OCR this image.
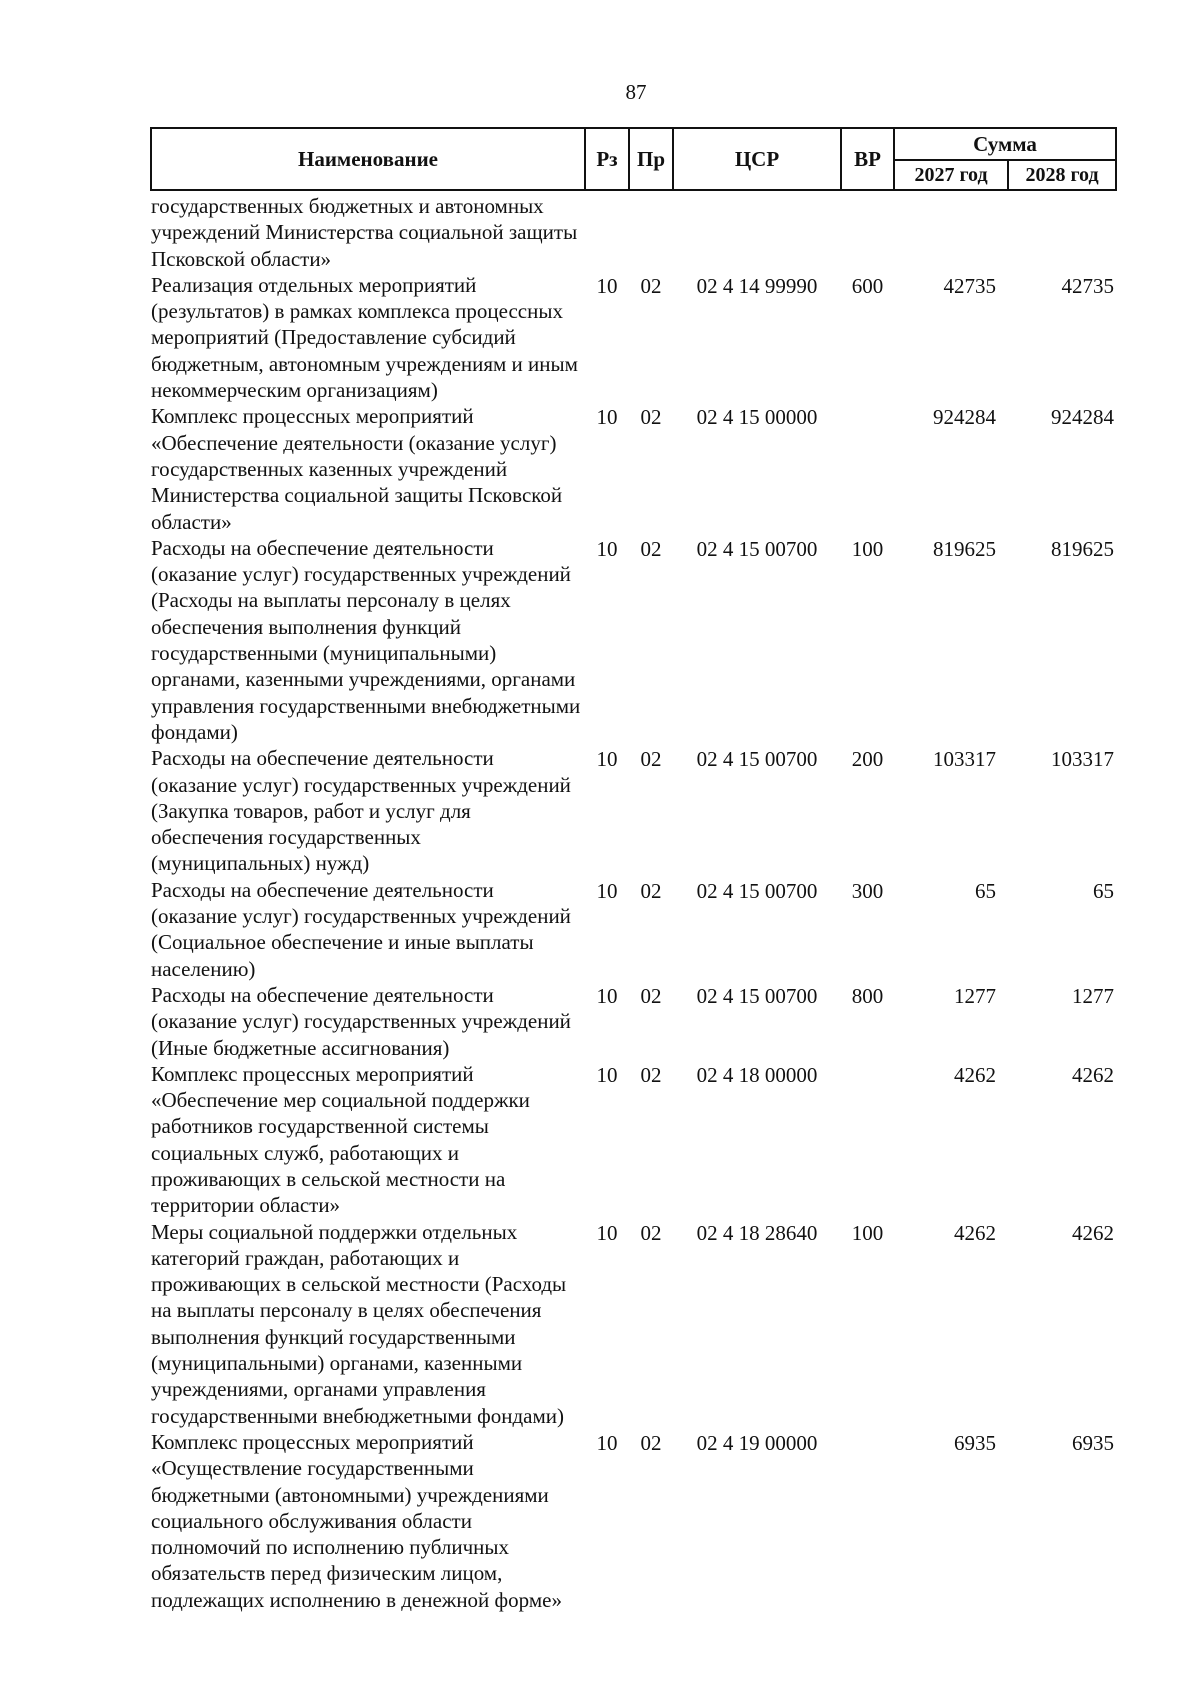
87
Наименование	Рз	Пр	ЦСР	ВР	Сумма	
					2027 год	2028 год
государственных бюджетных и автономных учреждений Министерства социальной защиты Псковской области»						
Реализация отдельных мероприятий (результатов) в рамках комплекса процессных мероприятий (Предоставление субсидий бюджетным, автономным учреждениям и иным некоммерческим организациям)	10	02	02 4 14 99990	600	42735	42735
Комплекс процессных мероприятий «Обеспечение деятельности (оказание услуг) государственных казенных учреждений Министерства социальной защиты Псковской области»	10	02	02 4 15 00000		924284	924284
Расходы на обеспечение деятельности (оказание услуг) государственных учреждений (Расходы на выплаты персоналу в целях обеспечения выполнения функций государственными (муниципальными) органами, казенными учреждениями, органами управления государственными внебюджетными фондами)	10	02	02 4 15 00700	100	819625	819625
Расходы на обеспечение деятельности (оказание услуг) государственных учреждений (Закупка товаров, работ и услуг для обеспечения государственных (муниципальных) нужд)	10	02	02 4 15 00700	200	103317	103317
Расходы на обеспечение деятельности (оказание услуг) государственных учреждений (Социальное обеспечение и иные выплаты населению)	10	02	02 4 15 00700	300	65	65
Расходы на обеспечение деятельности (оказание услуг) государственных учреждений (Иные бюджетные ассигнования)	10	02	02 4 15 00700	800	1277	1277
Комплекс процессных мероприятий «Обеспечение мер социальной поддержки работников государственной системы социальных служб, работающих и проживающих в сельской местности на территории области»	10	02	02 4 18 00000		4262	4262
Меры социальной поддержки отдельных категорий граждан, работающих и проживающих в сельской местности (Расходы на выплаты персоналу в целях обеспечения выполнения функций государственными (муниципальными) органами, казенными учреждениями, органами управления государственными внебюджетными фондами)	10	02	02 4 18 28640	100	4262	4262
Комплекс процессных мероприятий «Осуществление государственными бюджетными (автономными) учреждениями социального обслуживания области полномочий по исполнению публичных обязательств перед физическим лицом, подлежащих исполнению в денежной форме»	10	02	02 4 19 00000		6935	6935
